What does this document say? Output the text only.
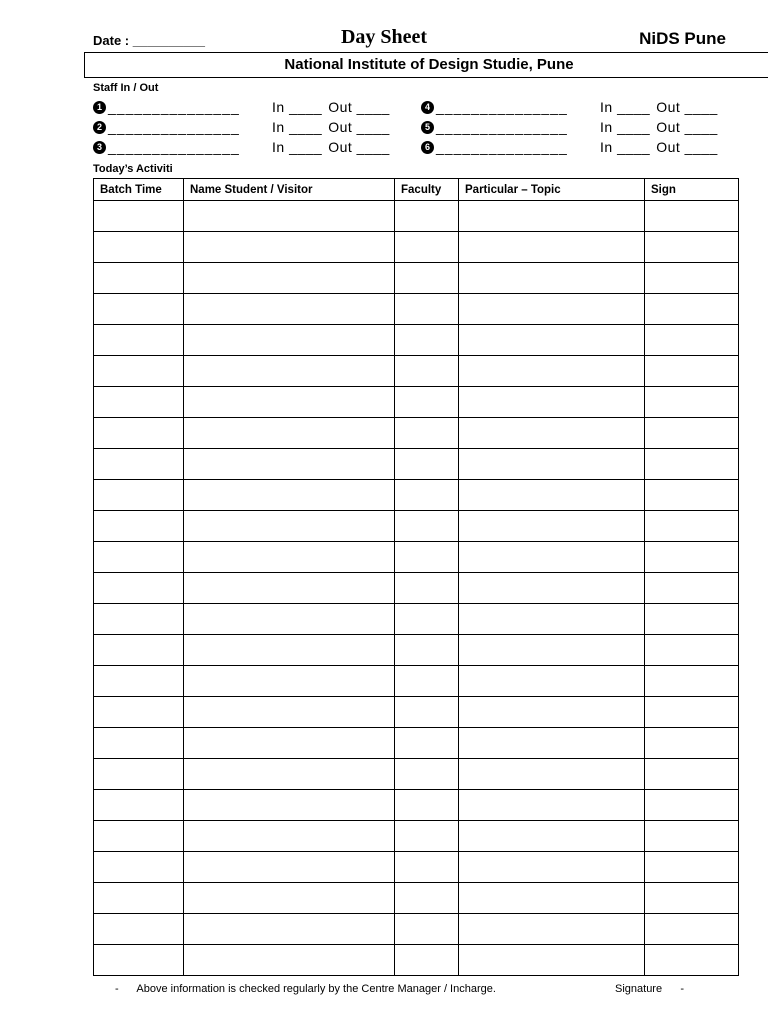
Date : __________	Day Sheet	NiDS Pune
National Institute of Design Studie, Pune
Staff In / Out
1 _______________	In ____ Out ____
2 _______________	In ____ Out ____
3 _______________	In ____ Out ____
4 _______________	In ____ Out ____
5 _______________	In ____ Out ____
6 _______________	In ____ Out ____
Today’s Activiti
Batch Time	Name Student / Visitor	Faculty	Particular – Topic	Sign

-      Above information is checked regularly by the Centre Manager / Incharge.	Signature      -
